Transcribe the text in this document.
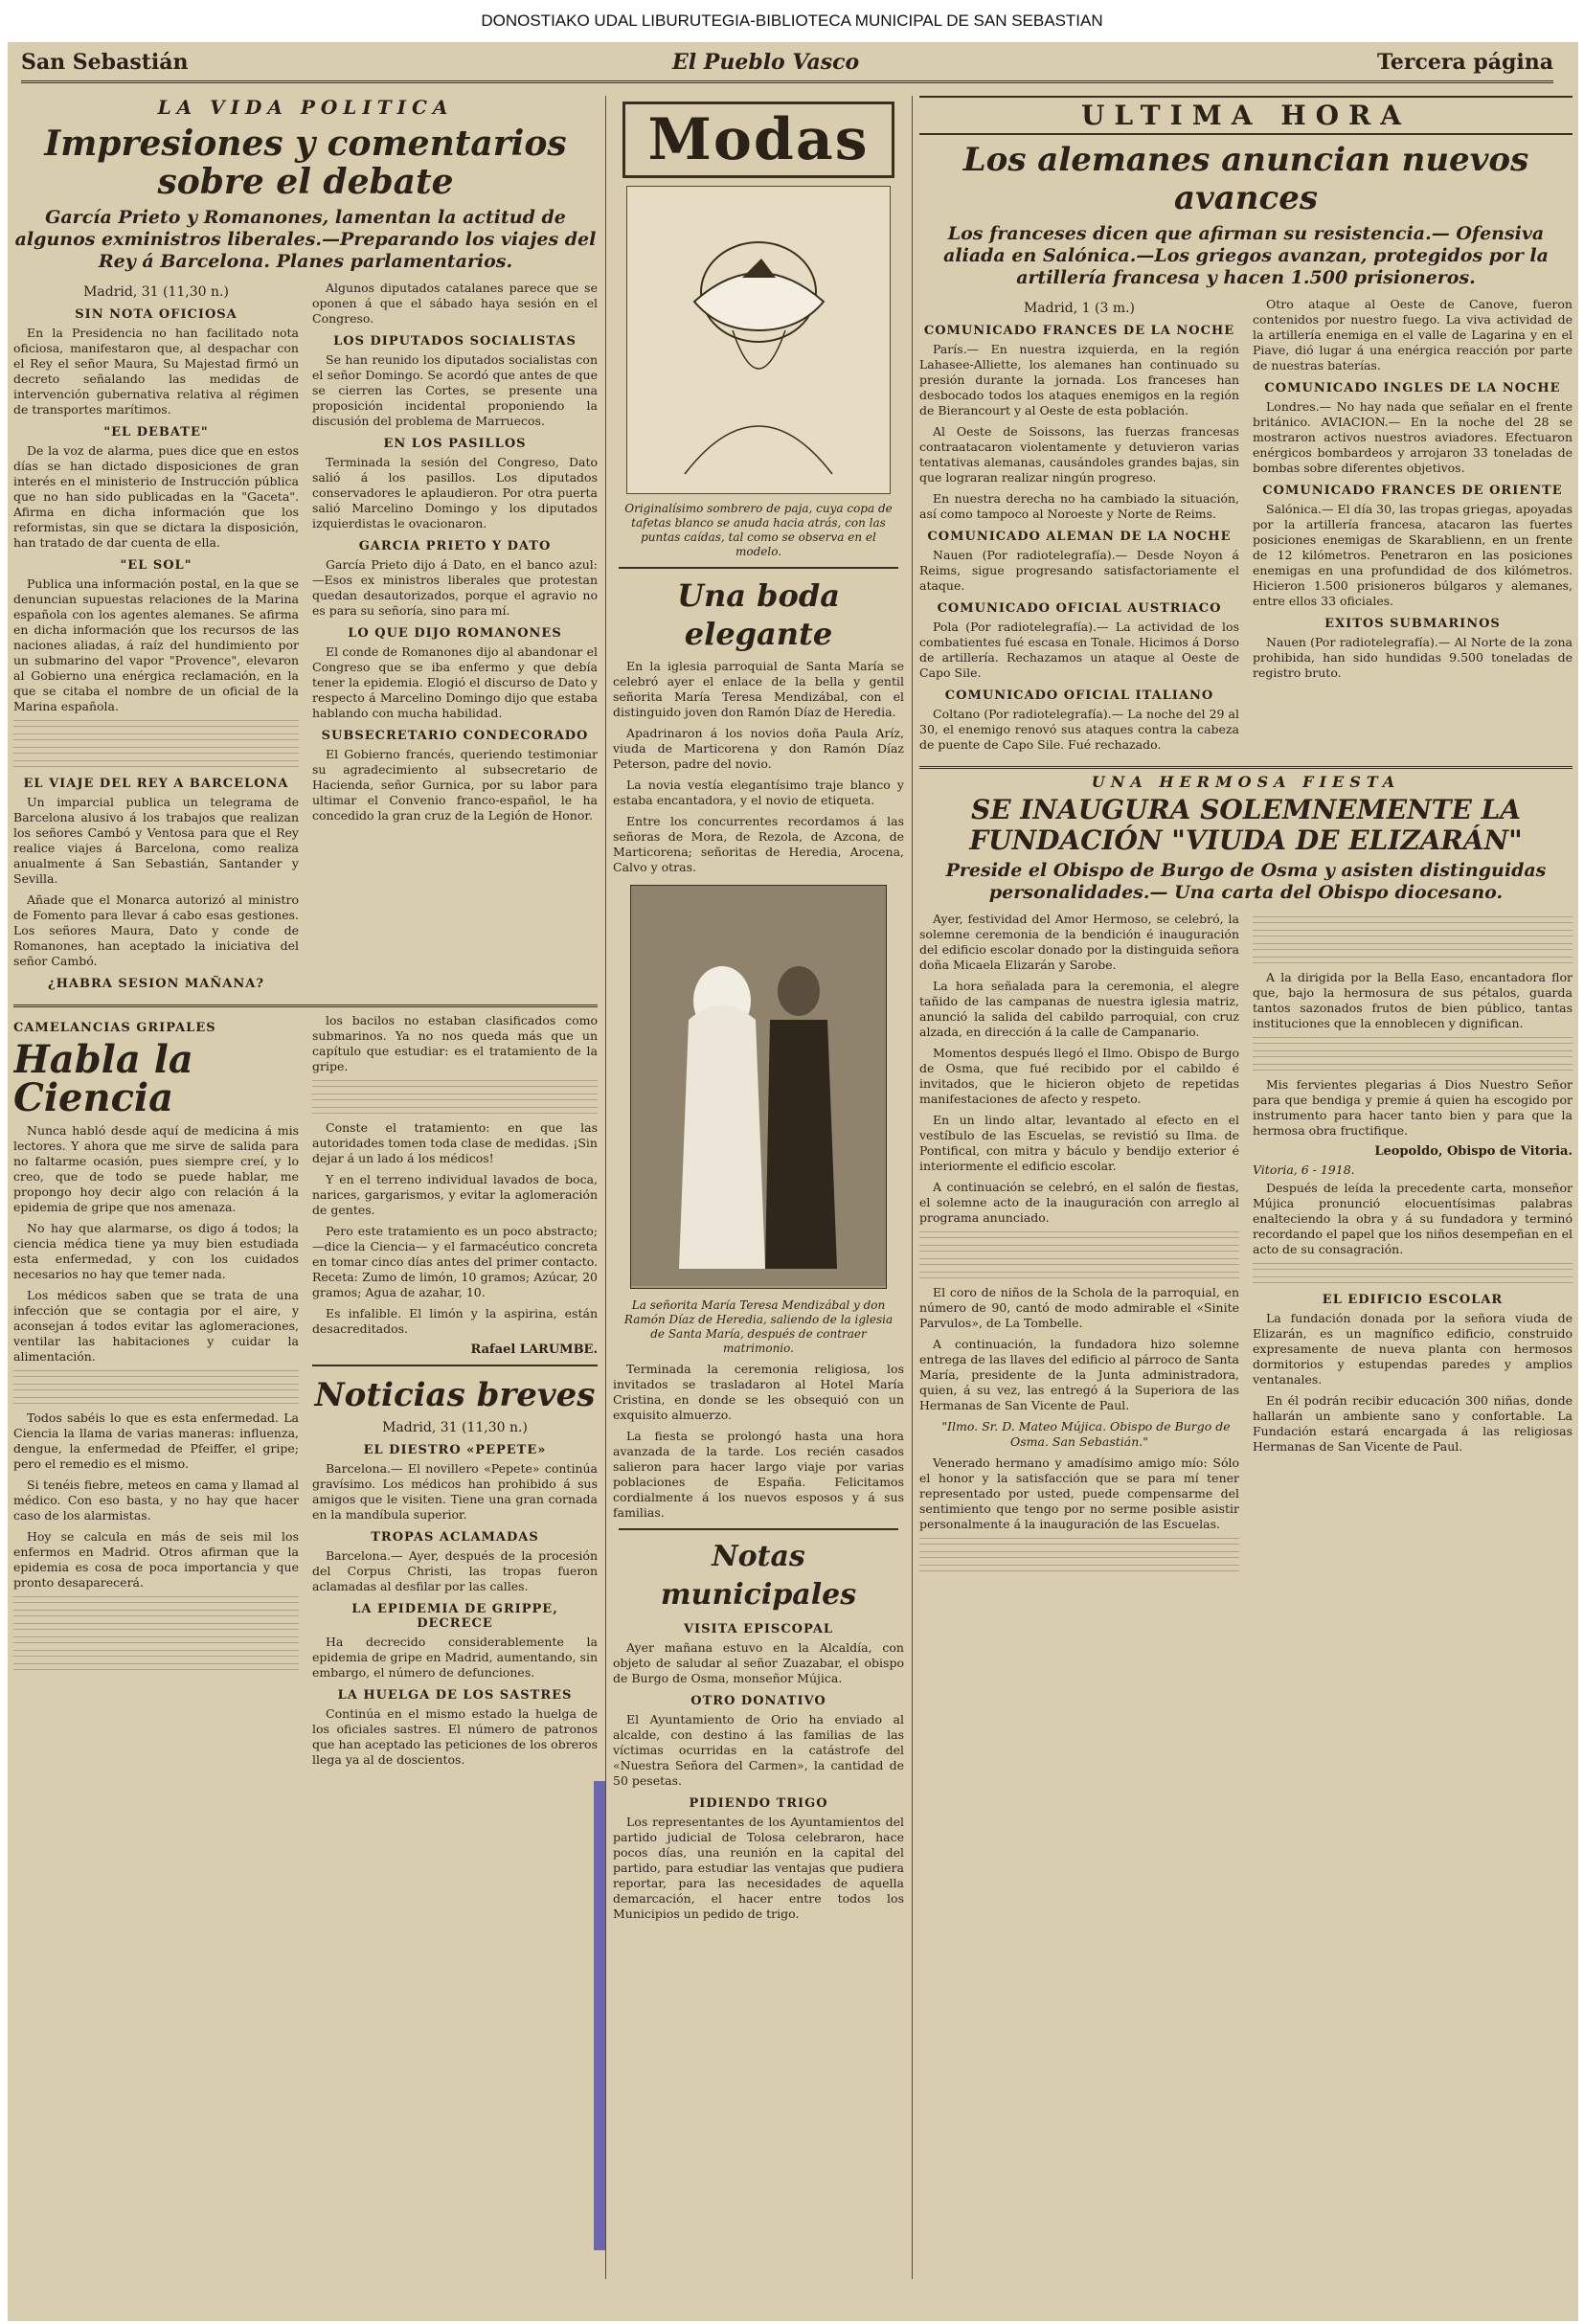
DONOSTIAKO UDAL LIBURUTEGIA-BIBLIOTECA MUNICIPAL DE SAN SEBASTIAN
San Sebastián	El Pueblo Vasco	Tercera página
LA VIDA POLITICA
Impresiones y comentarios sobre el debate
García Prieto y Romanones, lamentan la actitud de algunos exministros liberales.—Preparando los viajes del Rey á Barcelona. Planes parlamentarios.
Madrid, 31 (11,30 n.)
SIN NOTA OFICIOSA

En la Presidencia no han facilitado nota oficiosa, manifestaron que, al despachar con el Rey el señor Maura, Su Majestad firmó un decreto señalando las medidas de intervención gubernativa relativa al régimen de transportes marítimos.

"EL DEBATE"

De la voz de alarma, pues dice que en estos días se han dictado disposiciones de gran interés en el ministerio de Instrucción pública que no han sido publicadas en la "Gaceta". Afirma en dicha información que los reformistas, sin que se dictara la disposición, han tratado de dar cuenta de ella.

"EL SOL"

Publica una información postal, en la que se denuncian supuestas relaciones de la Marina española con los agentes alemanes. Se afirma en dicha información que los recursos de las naciones aliadas, á raíz del hundimiento por un submarino del vapor "Provence", elevaron al Gobierno una enérgica reclamación, en la que se citaba el nombre de un oficial de la Marina española.

EL VIAJE DEL REY A BARCELONA

Un imparcial publica un telegrama de Barcelona alusivo á los trabajos que realizan los señores Cambó y Ventosa para que el Rey realice viajes á Barcelona, como realiza anualmente á San Sebastián, Santander y Sevilla.

Añade que el Monarca autorizó al ministro de Fomento para llevar á cabo esas gestiones. Los señores Maura, Dato y conde de Romanones, han aceptado la iniciativa del señor Cambó.

¿HABRA SESION MAÑANA?

Algunos diputados catalanes parece que se oponen á que el sábado haya sesión en el Congreso.

LOS DIPUTADOS SOCIALISTAS

Se han reunido los diputados socialistas con el señor Domingo. Se acordó que antes de que se cierren las Cortes, se presente una proposición incidental proponiendo la discusión del problema de Marruecos.

EN LOS PASILLOS

Terminada la sesión del Congreso, Dato salió á los pasillos. Los diputados conservadores le aplaudieron. Por otra puerta salió Marcelino Domingo y los diputados izquierdistas le ovacionaron.

GARCIA PRIETO Y DATO

García Prieto dijo á Dato, en el banco azul: —Esos ex ministros liberales que protestan quedan desautorizados, porque el agravio no es para su señoría, sino para mí.

LO QUE DIJO ROMANONES

El conde de Romanones dijo al abandonar el Congreso que se iba enfermo y que debía tener la epidemia. Elogió el discurso de Dato y respecto á Marcelino Domingo dijo que estaba hablando con mucha habilidad.

SUBSECRETARIO CONDECORADO

El Gobierno francés, queriendo testimoniar su agradecimiento al subsecretario de Hacienda, señor Gurnica, por su labor para ultimar el Convenio franco-español, le ha concedido la gran cruz de la Legión de Honor.

CAMELANCIAS GRIPALES
Habla la Ciencia

Nunca habló desde aquí de medicina á mis lectores. Y ahora que me sirve de salida para no faltarme ocasión, pues siempre creí, y lo creo, que de todo se puede hablar, me propongo hoy decir algo con relación á la epidemia de gripe que nos amenaza.

No hay que alarmarse, os digo á todos; la ciencia médica tiene ya muy bien estudiada esta enfermedad, y con los cuidados necesarios no hay que temer nada.

Los médicos saben que se trata de una infección que se contagia por el aire, y aconsejan á todos evitar las aglomeraciones, ventilar las habitaciones y cuidar la alimentación.

Todos sabéis lo que es esta enfermedad. La Ciencia la llama de varias maneras: influenza, dengue, la enfermedad de Pfeiffer, el gripe; pero el remedio es el mismo.

Si tenéis fiebre, meteos en cama y llamad al médico. Con eso basta, y no hay que hacer caso de los alarmistas.

Hoy se calcula en más de seis mil los enfermos en Madrid. Otros afirman que la epidemia es cosa de poca importancia y que pronto desaparecerá.

los bacilos no estaban clasificados como submarinos. Ya no nos queda más que un capítulo que estudiar: es el tratamiento de la gripe.

Conste el tratamiento: en que las autoridades tomen toda clase de medidas. ¡Sin dejar á un lado á los médicos!

Y en el terreno individual lavados de boca, narices, gargarismos, y evitar la aglomeración de gentes.

Pero este tratamiento es un poco abstracto; —dice la Ciencia— y el farmacéutico concreta en tomar cinco días antes del primer contacto. Receta: Zumo de limón, 10 gramos; Azúcar, 20 gramos; Agua de azahar, 10.

Es infalible. El limón y la aspirina, están desacreditados.

Rafael LARUMBE.
Noticias breves
Madrid, 31 (11,30 n.)
EL DIESTRO «PEPETE»

Barcelona.— El novillero «Pepete» continúa gravísimo. Los médicos han prohibido á sus amigos que le visiten. Tiene una gran cornada en la mandíbula superior.

TROPAS ACLAMADAS

Barcelona.— Ayer, después de la procesión del Corpus Christi, las tropas fueron aclamadas al desfilar por las calles.

LA EPIDEMIA DE GRIPPE, DECRECE

Ha decrecido considerablemente la epidemia de gripe en Madrid, aumentando, sin embargo, el número de defunciones.

LA HUELGA DE LOS SASTRES

Continúa en el mismo estado la huelga de los oficiales sastres. El número de patronos que han aceptado las peticiones de los obreros llega ya al de doscientos.

Modas
Originalísimo sombrero de paja, cuya copa de tafetas blanco se anuda hacia atrás, con las puntas caídas, tal como se observa en el modelo.
Una boda elegante

En la iglesia parroquial de Santa María se celebró ayer el enlace de la bella y gentil señorita María Teresa Mendizábal, con el distinguido joven don Ramón Díaz de Heredia.

Apadrinaron á los novios doña Paula Aríz, viuda de Marticorena y don Ramón Díaz Peterson, padre del novio.

La novia vestía elegantísimo traje blanco y estaba encantadora, y el novio de etiqueta.

Entre los concurrentes recordamos á las señoras de Mora, de Rezola, de Azcona, de Marticorena; señoritas de Heredia, Arocena, Calvo y otras.

La señorita María Teresa Mendizábal y don Ramón Díaz de Heredia, saliendo de la iglesia de Santa María, después de contraer matrimonio.

Terminada la ceremonia religiosa, los invitados se trasladaron al Hotel María Cristina, en donde se les obsequió con un exquisito almuerzo.

La fiesta se prolongó hasta una hora avanzada de la tarde. Los recién casados salieron para hacer largo viaje por varias poblaciones de España. Felicitamos cordialmente á los nuevos esposos y á sus familias.

Notas municipales
VISITA EPISCOPAL

Ayer mañana estuvo en la Alcaldía, con objeto de saludar al señor Zuazabar, el obispo de Burgo de Osma, monseñor Mújica.

OTRO DONATIVO

El Ayuntamiento de Orio ha enviado al alcalde, con destino á las familias de las víctimas ocurridas en la catástrofe del «Nuestra Señora del Carmen», la cantidad de 50 pesetas.

PIDIENDO TRIGO

Los representantes de los Ayuntamientos del partido judicial de Tolosa celebraron, hace pocos días, una reunión en la capital del partido, para estudiar las ventajas que pudiera reportar, para las necesidades de aquella demarcación, el hacer entre todos los Municipios un pedido de trigo.

ULTIMA HORA
Los alemanes anuncian nuevos avances
Los franceses dicen que afirman su resistencia.— Ofensiva aliada en Salónica.—Los griegos avanzan, protegidos por la artillería francesa y hacen 1.500 prisioneros.
Madrid, 1 (3 m.)
COMUNICADO FRANCES DE LA NOCHE

París.— En nuestra izquierda, en la región Lahasee-Alliette, los alemanes han continuado su presión durante la jornada. Los franceses han desbocado todos los ataques enemigos en la región de Bierancourt y al Oeste de esta población.

Al Oeste de Soissons, las fuerzas francesas contraatacaron violentamente y detuvieron varias tentativas alemanas, causándoles grandes bajas, sin que lograran realizar ningún progreso.

En nuestra derecha no ha cambiado la situación, así como tampoco al Noroeste y Norte de Reims.

COMUNICADO ALEMAN DE LA NOCHE

Nauen (Por radiotelegrafía).— Desde Noyon á Reims, sigue progresando satisfactoriamente el ataque.

COMUNICADO OFICIAL AUSTRIACO

Pola (Por radiotelegrafía).— La actividad de los combatientes fué escasa en Tonale. Hicimos á Dorso de artillería. Rechazamos un ataque al Oeste de Capo Sile.

COMUNICADO OFICIAL ITALIANO

Coltano (Por radiotelegrafía).— La noche del 29 al 30, el enemigo renovó sus ataques contra la cabeza de puente de Capo Sile. Fué rechazado.

Otro ataque al Oeste de Canove, fueron contenidos por nuestro fuego. La viva actividad de la artillería enemiga en el valle de Lagarina y en el Piave, dió lugar á una enérgica reacción por parte de nuestras baterías.

COMUNICADO INGLES DE LA NOCHE

Londres.— No hay nada que señalar en el frente británico. AVIACION.— En la noche del 28 se mostraron activos nuestros aviadores. Efectuaron enérgicos bombardeos y arrojaron 33 toneladas de bombas sobre diferentes objetivos.

COMUNICADO FRANCES DE ORIENTE

Salónica.— El día 30, las tropas griegas, apoyadas por la artillería francesa, atacaron las fuertes posiciones enemigas de Skarablienn, en un frente de 12 kilómetros. Penetraron en las posiciones enemigas en una profundidad de dos kilómetros. Hicieron 1.500 prisioneros búlgaros y alemanes, entre ellos 33 oficiales.

EXITOS SUBMARINOS

Nauen (Por radiotelegrafía).— Al Norte de la zona prohibida, han sido hundidas 9.500 toneladas de registro bruto.

UNA HERMOSA FIESTA
SE INAUGURA SOLEMNEMENTE LA FUNDACIÓN "VIUDA DE ELIZARÁN"
Preside el Obispo de Burgo de Osma y asisten distinguidas personalidades.— Una carta del Obispo diocesano.

Ayer, festividad del Amor Hermoso, se celebró, la solemne ceremonia de la bendición é inauguración del edificio escolar donado por la distinguida señora doña Micaela Elizarán y Sarobe.

La hora señalada para la ceremonia, el alegre tañido de las campanas de nuestra iglesia matriz, anunció la salida del cabildo parroquial, con cruz alzada, en dirección á la calle de Campanario.

Momentos después llegó el Ilmo. Obispo de Burgo de Osma, que fué recibido por el cabildo é invitados, que le hicieron objeto de repetidas manifestaciones de afecto y respeto.

En un lindo altar, levantado al efecto en el vestíbulo de las Escuelas, se revistió su Ilma. de Pontifical, con mitra y báculo y bendijo exterior é interiormente el edificio escolar.

A continuación se celebró, en el salón de fiestas, el solemne acto de la inauguración con arreglo al programa anunciado.

El coro de niños de la Schola de la parroquial, en número de 90, cantó de modo admirable el «Sinite Parvulos», de La Tombelle.

A continuación, la fundadora hizo solemne entrega de las llaves del edificio al párroco de Santa María, presidente de la Junta administradora, quien, á su vez, las entregó á la Superiora de las Hermanas de San Vicente de Paul.

"Ilmo. Sr. D. Mateo Mújica. Obispo de Burgo de Osma. San Sebastián."

Venerado hermano y amadísimo amigo mío: Sólo el honor y la satisfacción que se para mí tener representado por usted, puede compensarme del sentimiento que tengo por no serme posible asistir personalmente á la inauguración de las Escuelas.

A la dirigida por la Bella Easo, encantadora flor que, bajo la hermosura de sus pétalos, guarda tantos sazonados frutos de bien público, tantas instituciones que la ennoblecen y dignifican.

Mis fervientes plegarias á Dios Nuestro Señor para que bendiga y premie á quien ha escogido por instrumento para hacer tanto bien y para que la hermosa obra fructifique.

Leopoldo, Obispo de Vitoria.
Vitoria, 6 - 1918.

Después de leída la precedente carta, monseñor Mújica pronunció elocuentísimas palabras enalteciendo la obra y á su fundadora y terminó recordando el papel que los niños desempeñan en el acto de su consagración.

EL EDIFICIO ESCOLAR

La fundación donada por la señora viuda de Elizarán, es un magnífico edificio, construido expresamente de nueva planta con hermosos dormitorios y estupendas paredes y amplios ventanales.

En él podrán recibir educación 300 niñas, donde hallarán un ambiente sano y confortable. La Fundación estará encargada á las religiosas Hermanas de San Vicente de Paul.
